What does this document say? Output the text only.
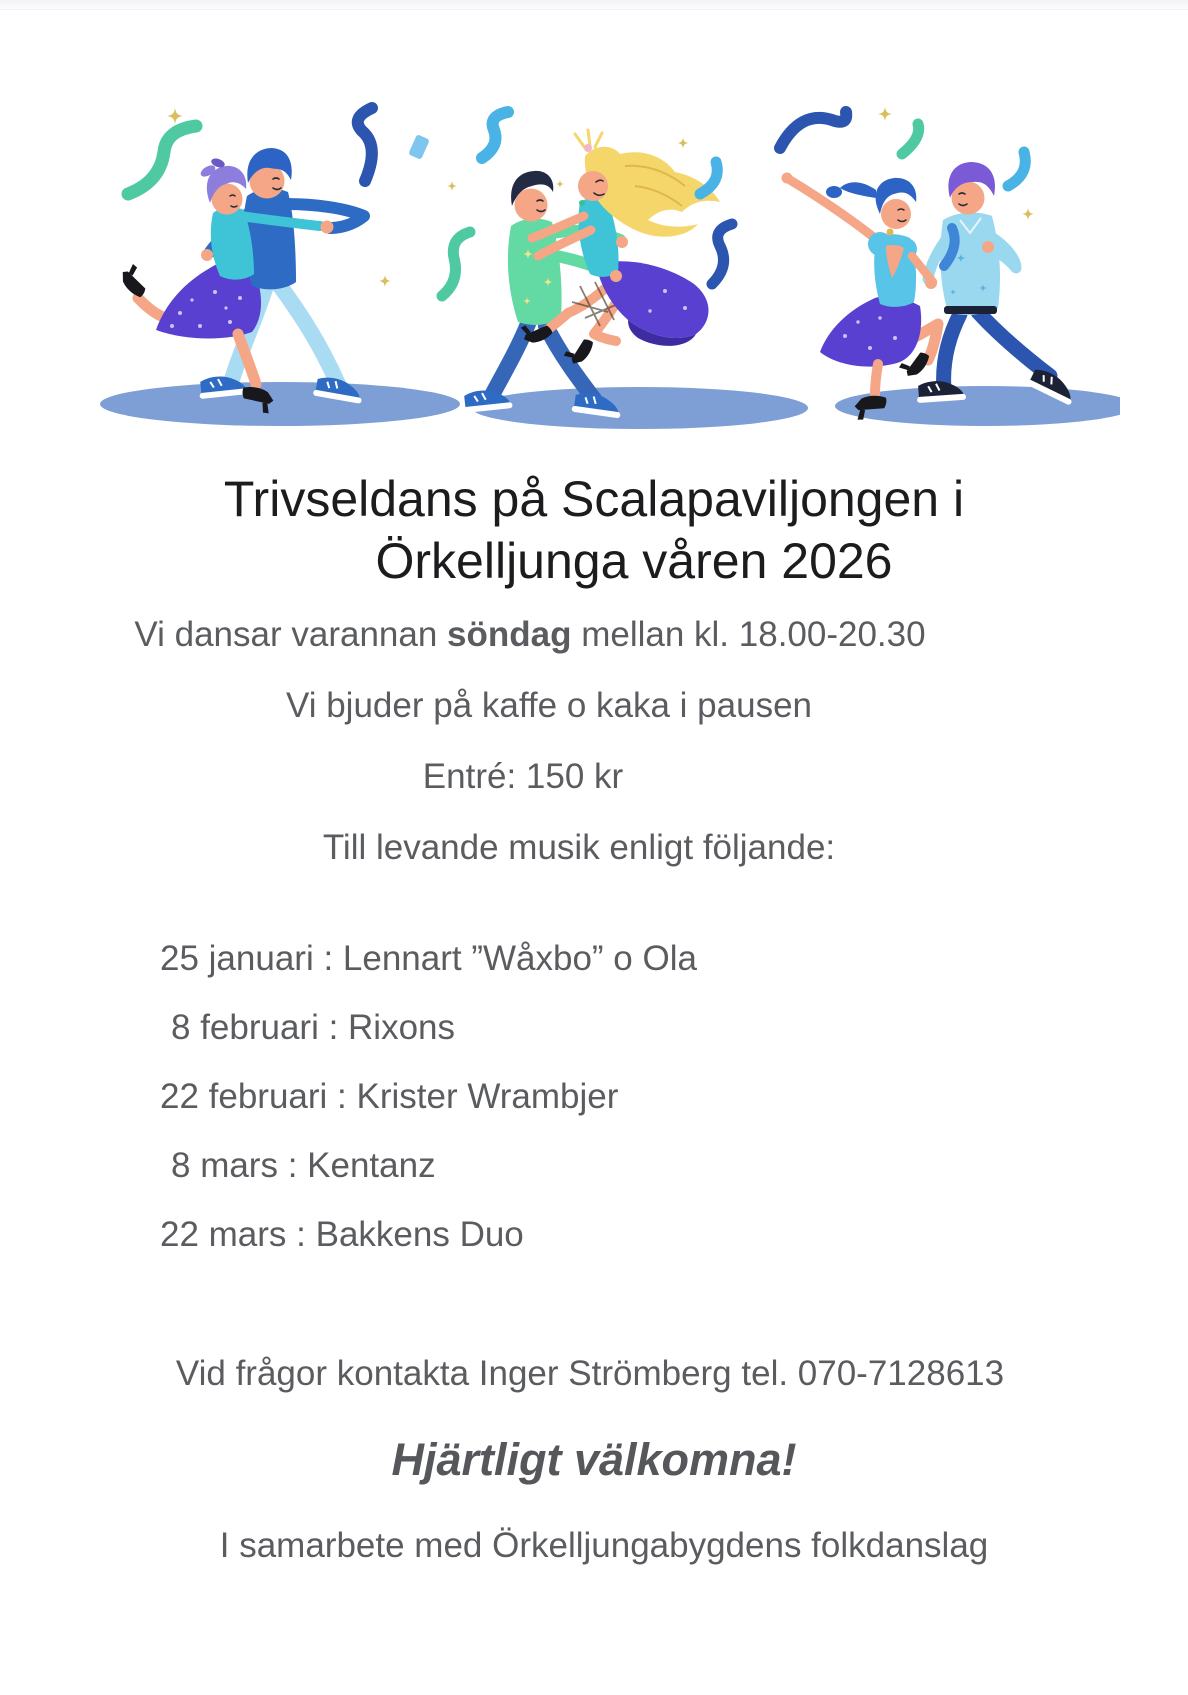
Trivseldans på Scalapaviljongen i
Örkelljunga våren 2026
Vi dansar varannan söndag mellan kl. 18.00-20.30
Vi bjuder på kaffe o kaka i pausen
Entré: 150 kr
Till levande musik enligt följande:
25 januari : Lennart ”Wåxbo” o Ola
8 februari : Rixons
22 februari : Krister Wrambjer
8 mars : Kentanz
22 mars : Bakkens Duo
Vid frågor kontakta Inger Strömberg tel. 070-7128613
Hjärtligt välkomna!
I samarbete med Örkelljungabygdens folkdanslag
